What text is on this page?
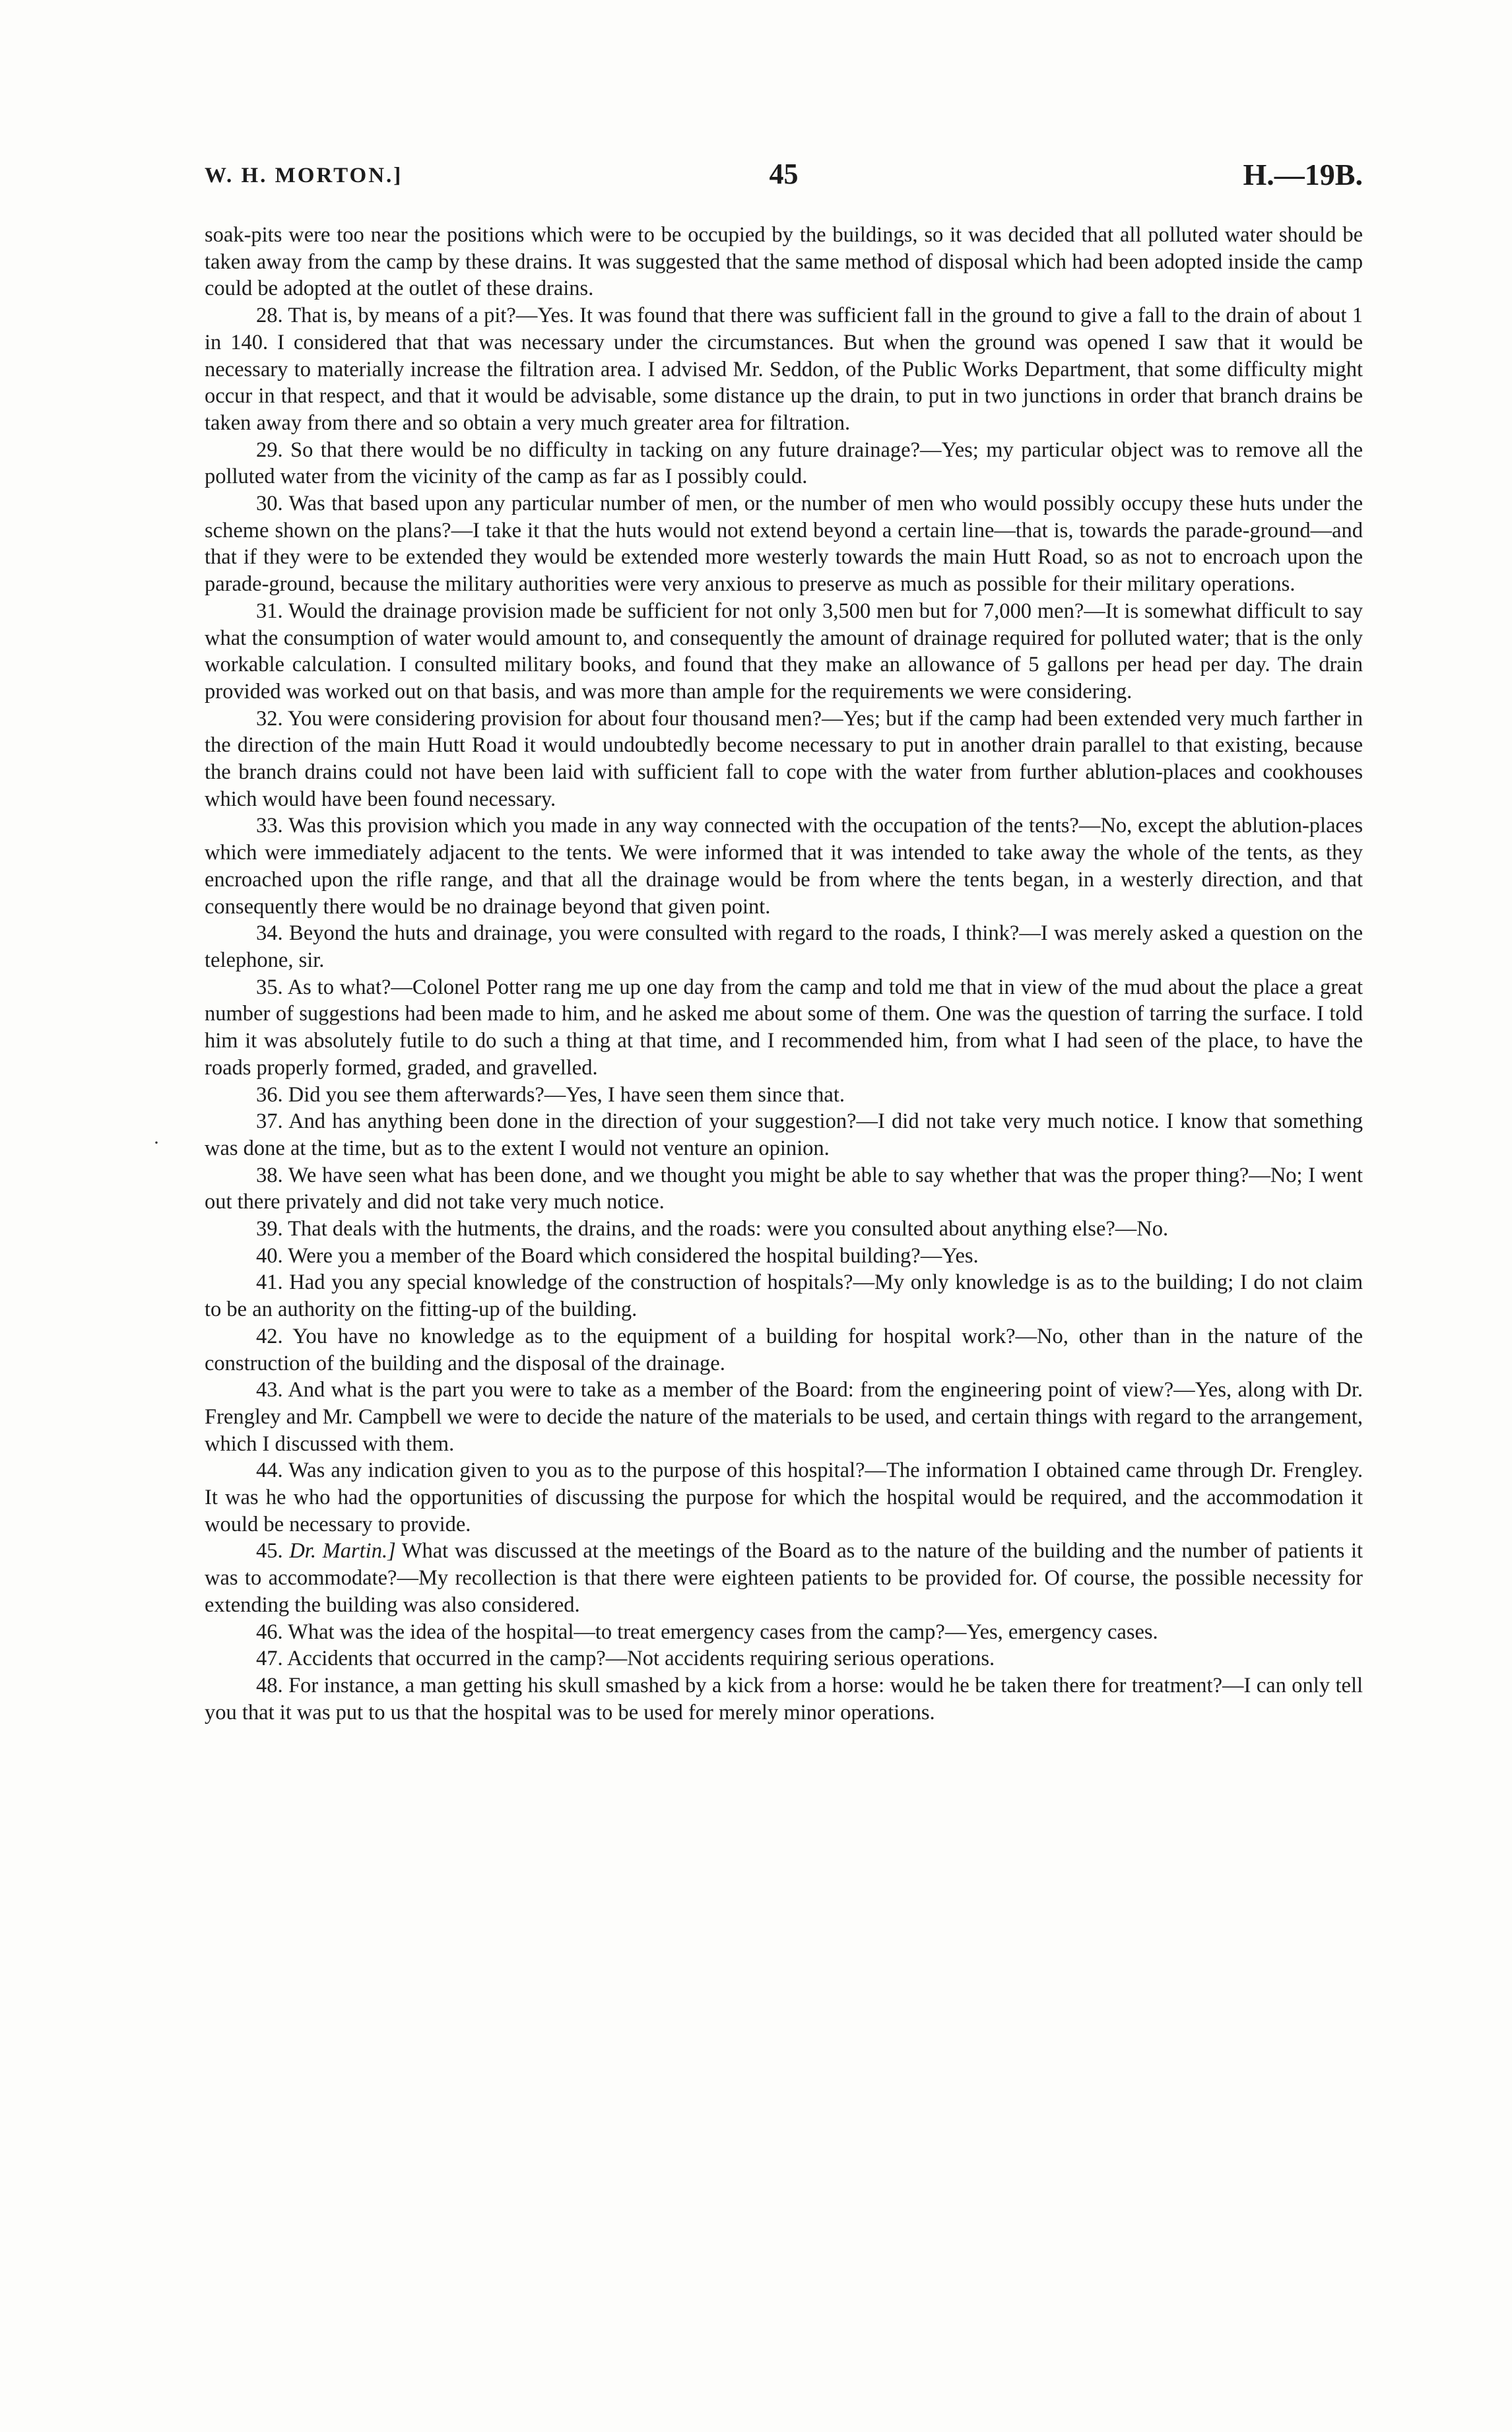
W. H. MORTON.]	45	H.—19B.
·

soak-pits were too near the positions which were to be occupied by the buildings, so it was decided that all polluted water should be taken away from the camp by these drains. It was suggested that the same method of disposal which had been adopted inside the camp could be adopted at the outlet of these drains.

28. That is, by means of a pit?—Yes. It was found that there was sufficient fall in the ground to give a fall to the drain of about 1 in 140. I considered that that was necessary under the circumstances. But when the ground was opened I saw that it would be necessary to materially increase the filtration area. I advised Mr. Seddon, of the Public Works Department, that some difficulty might occur in that respect, and that it would be advisable, some distance up the drain, to put in two junctions in order that branch drains be taken away from there and so obtain a very much greater area for filtration.

29. So that there would be no difficulty in tacking on any future drainage?—Yes; my particular object was to remove all the polluted water from the vicinity of the camp as far as I possibly could.

30. Was that based upon any particular number of men, or the number of men who would possibly occupy these huts under the scheme shown on the plans?—I take it that the huts would not extend beyond a certain line—that is, towards the parade-ground—and that if they were to be extended they would be extended more westerly towards the main Hutt Road, so as not to encroach upon the parade-ground, because the military authorities were very anxious to preserve as much as possible for their military operations.

31. Would the drainage provision made be sufficient for not only 3,500 men but for 7,000 men?—It is somewhat difficult to say what the consumption of water would amount to, and consequently the amount of drainage required for polluted water; that is the only workable calculation. I consulted military books, and found that they make an allowance of 5 gallons per head per day. The drain provided was worked out on that basis, and was more than ample for the requirements we were considering.

32. You were considering provision for about four thousand men?—Yes; but if the camp had been extended very much farther in the direction of the main Hutt Road it would undoubtedly become necessary to put in another drain parallel to that existing, because the branch drains could not have been laid with sufficient fall to cope with the water from further ablution-places and cookhouses which would have been found necessary.

33. Was this provision which you made in any way connected with the occupation of the tents?—No, except the ablution-places which were immediately adjacent to the tents. We were informed that it was intended to take away the whole of the tents, as they encroached upon the rifle range, and that all the drainage would be from where the tents began, in a westerly direction, and that consequently there would be no drainage beyond that given point.

34. Beyond the huts and drainage, you were consulted with regard to the roads, I think?—I was merely asked a question on the telephone, sir.

35. As to what?—Colonel Potter rang me up one day from the camp and told me that in view of the mud about the place a great number of suggestions had been made to him, and he asked me about some of them. One was the question of tarring the surface. I told him it was absolutely futile to do such a thing at that time, and I recommended him, from what I had seen of the place, to have the roads properly formed, graded, and gravelled.

36. Did you see them afterwards?—Yes, I have seen them since that.

37. And has anything been done in the direction of your suggestion?—I did not take very much notice. I know that something was done at the time, but as to the extent I would not venture an opinion.

38. We have seen what has been done, and we thought you might be able to say whether that was the proper thing?—No; I went out there privately and did not take very much notice.

39. That deals with the hutments, the drains, and the roads: were you consulted about anything else?—No.

40. Were you a member of the Board which considered the hospital building?—Yes.

41. Had you any special knowledge of the construction of hospitals?—My only knowledge is as to the building; I do not claim to be an authority on the fitting-up of the building.

42. You have no knowledge as to the equipment of a building for hospital work?—No, other than in the nature of the construction of the building and the disposal of the drainage.

43. And what is the part you were to take as a member of the Board: from the engineering point of view?—Yes, along with Dr. Frengley and Mr. Campbell we were to decide the nature of the materials to be used, and certain things with regard to the arrangement, which I discussed with them.

44. Was any indication given to you as to the purpose of this hospital?—The information I obtained came through Dr. Frengley. It was he who had the opportunities of discussing the purpose for which the hospital would be required, and the accommodation it would be necessary to provide.

45. Dr. Martin.] What was discussed at the meetings of the Board as to the nature of the building and the number of patients it was to accommodate?—My recollection is that there were eighteen patients to be provided for. Of course, the possible necessity for extending the building was also considered.

46. What was the idea of the hospital—to treat emergency cases from the camp?—Yes, emergency cases.

47. Accidents that occurred in the camp?—Not accidents requiring serious operations.

48. For instance, a man getting his skull smashed by a kick from a horse: would he be taken there for treatment?—I can only tell you that it was put to us that the hospital was to be used for merely minor operations.
